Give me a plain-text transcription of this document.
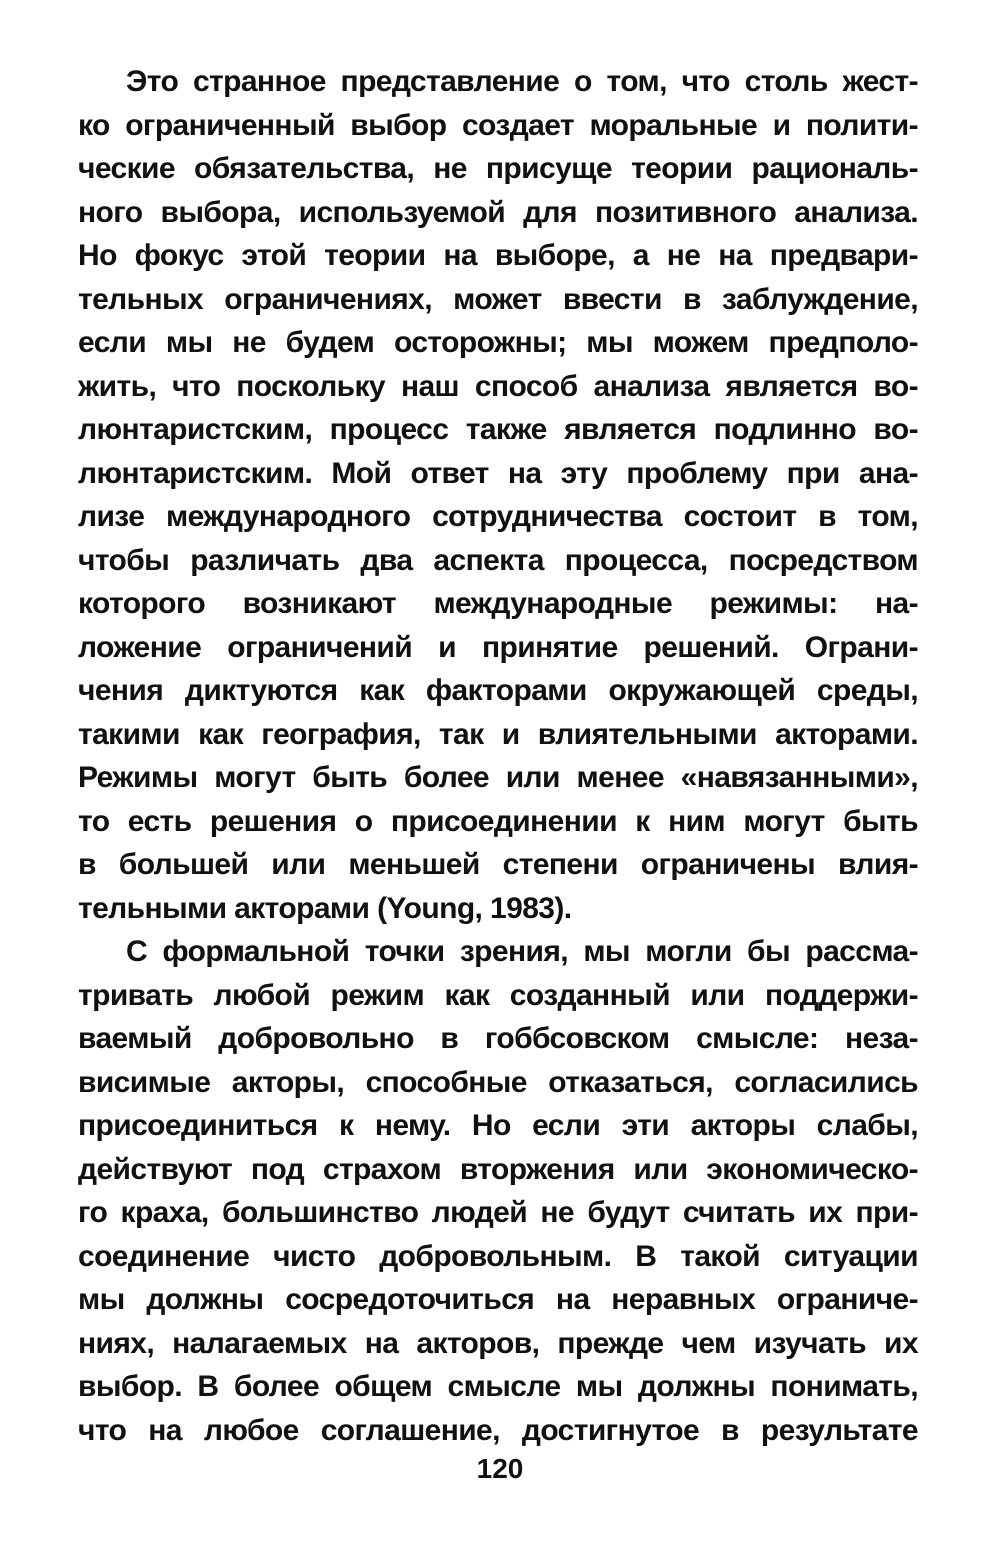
Это странное представление о том, что столь жест-
ко ограниченный выбор создает моральные и полити-
ческие обязательства, не присуще теории рациональ-
ного выбора, используемой для позитивного анализа.
Но фокус этой теории на выборе, а не на предвари-
тельных ограничениях, может ввести в заблуждение,
если мы не будем осторожны; мы можем предполо-
жить, что поскольку наш способ анализа является во-
люнтаристским, процесс также является подлинно во-
люнтаристским. Мой ответ на эту проблему при ана-
лизе международного сотрудничества состоит в том,
чтобы различать два аспекта процесса, посредством
которого возникают международные режимы: на-
ложение ограничений и принятие решений. Ограни-
чения диктуются как факторами окружающей среды,
такими как география, так и влиятельными акторами.
Режимы могут быть более или менее «навязанными»,
то есть решения о присоединении к ним могут быть
в большей или меньшей степени ограничены влия-
тельными акторами (Young, 1983).
С формальной точки зрения, мы могли бы рассма-
тривать любой режим как созданный или поддержи-
ваемый добровольно в гоббсовском смысле: неза-
висимые акторы, способные отказаться, согласились
присоединиться к нему. Но если эти акторы слабы,
действуют под страхом вторжения или экономическо-
го краха, большинство людей не будут считать их при-
соединение чисто добровольным. В такой ситуации
мы должны сосредоточиться на неравных ограниче-
ниях, налагаемых на акторов, прежде чем изучать их
выбор. В более общем смысле мы должны понимать,
что на любое соглашение, достигнутое в результате
120
